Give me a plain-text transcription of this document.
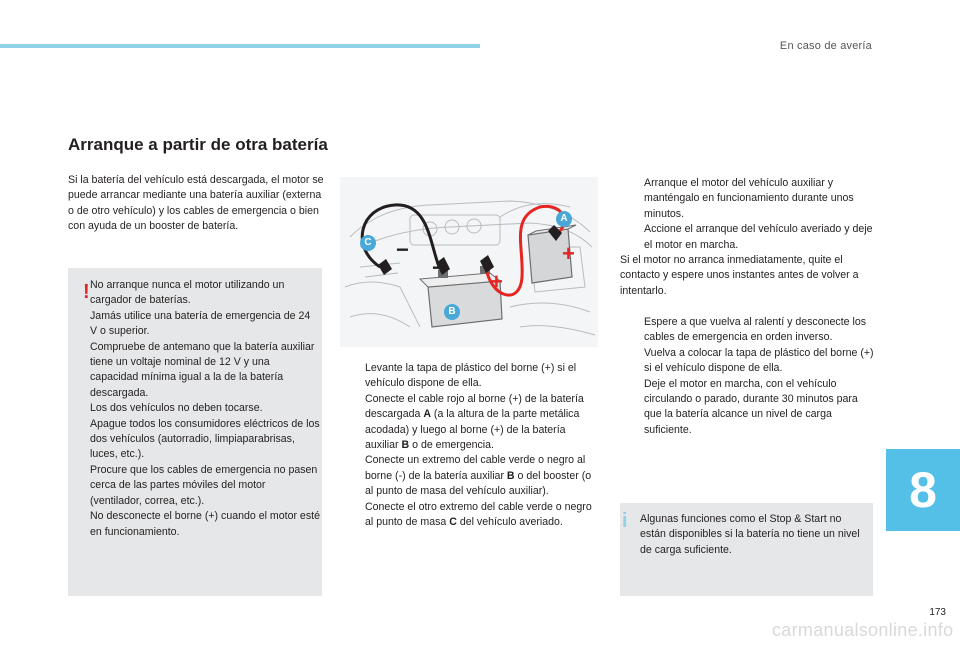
En caso de avería
Arranque a partir de otra batería

Si la batería del vehículo está descargada, el motor se puede arrancar mediante una batería auxiliar (externa o de otro vehículo) y los cables de emergencia o bien con ayuda de un booster de batería.

! No arranque nunca el motor utilizando un cargador de baterías.

Jamás utilice una batería de emergencia de 24 V o superior.

Compruebe de antemano que la batería auxiliar tiene un voltaje nominal de 12 V y una capacidad mínima igual a la de la batería descargada.

Los dos vehículos no deben tocarse.

Apague todos los consumidores eléctricos de los dos vehículos (autorradio, limpiaparabrisas, luces, etc.).

Procure que los cables de emergencia no pasen cerca de las partes móviles del motor (ventilador, correa, etc.).

No desconecte el borne (+) cuando el motor esté en funcionamiento.

−
−
+
+
A
B
C

Levante la tapa de plástico del borne (+) si el vehículo dispone de ella.

Conecte el cable rojo al borne (+) de la batería descargada A (a la altura de la parte metálica acodada) y luego al borne (+) de la batería auxiliar B o de emergencia.

Conecte un extremo del cable verde o negro al borne (-) de la batería auxiliar B o del booster (o al punto de masa del vehículo auxiliar).

Conecte el otro extremo del cable verde o negro al punto de masa C del vehículo averiado.

Arranque el motor del vehículo auxiliar y manténgalo en funcionamiento durante unos minutos.

Accione el arranque del vehículo averiado y deje el motor en marcha.

Si el motor no arranca inmediatamente, quite el contacto y espere unos instantes antes de volver a intentarlo.

Espere a que vuelva al ralentí y desconecte los cables de emergencia en orden inverso.

Vuelva a colocar la tapa de plástico del borne (+) si el vehículo dispone de ella.

Deje el motor en marcha, con el vehículo circulando o parado, durante 30 minutos para que la batería alcance un nivel de carga suficiente.

i Algunas funciones como el Stop & Start no están disponibles si la batería no tiene un nivel de carga suficiente.

8
173
carmanualsonline.info
